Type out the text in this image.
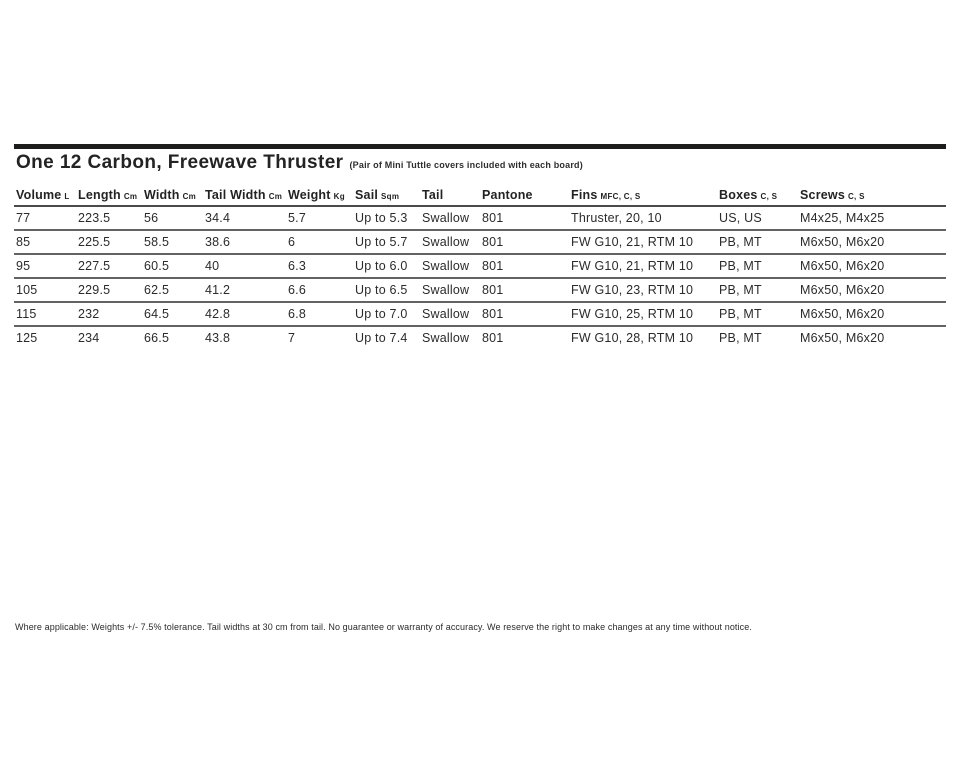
One 12 Carbon, Freewave Thruster (Pair of Mini Tuttle covers included with each board)
Volume L	Length Cm	Width Cm	Tail Width Cm	Weight Kg	Sail Sqm	Tail	Pantone	Fins MFC, C, S	Boxes C, S	Screws C, S
77	223.5	56	34.4	5.7	Up to 5.3	Swallow	801	Thruster, 20, 10	US, US	M4x25, M4x25
85	225.5	58.5	38.6	6	Up to 5.7	Swallow	801	FW G10, 21, RTM 10	PB, MT	M6x50, M6x20
95	227.5	60.5	40	6.3	Up to 6.0	Swallow	801	FW G10, 21, RTM 10	PB, MT	M6x50, M6x20
105	229.5	62.5	41.2	6.6	Up to 6.5	Swallow	801	FW G10, 23, RTM 10	PB, MT	M6x50, M6x20
115	232	64.5	42.8	6.8	Up to 7.0	Swallow	801	FW G10, 25, RTM 10	PB, MT	M6x50, M6x20
125	234	66.5	43.8	7	Up to 7.4	Swallow	801	FW G10, 28, RTM 10	PB, MT	M6x50, M6x20

Where applicable: Weights +/- 7.5% tolerance. Tail widths at 30 cm from tail. No guarantee or warranty of accuracy. We reserve the right to make changes at any time without notice.
